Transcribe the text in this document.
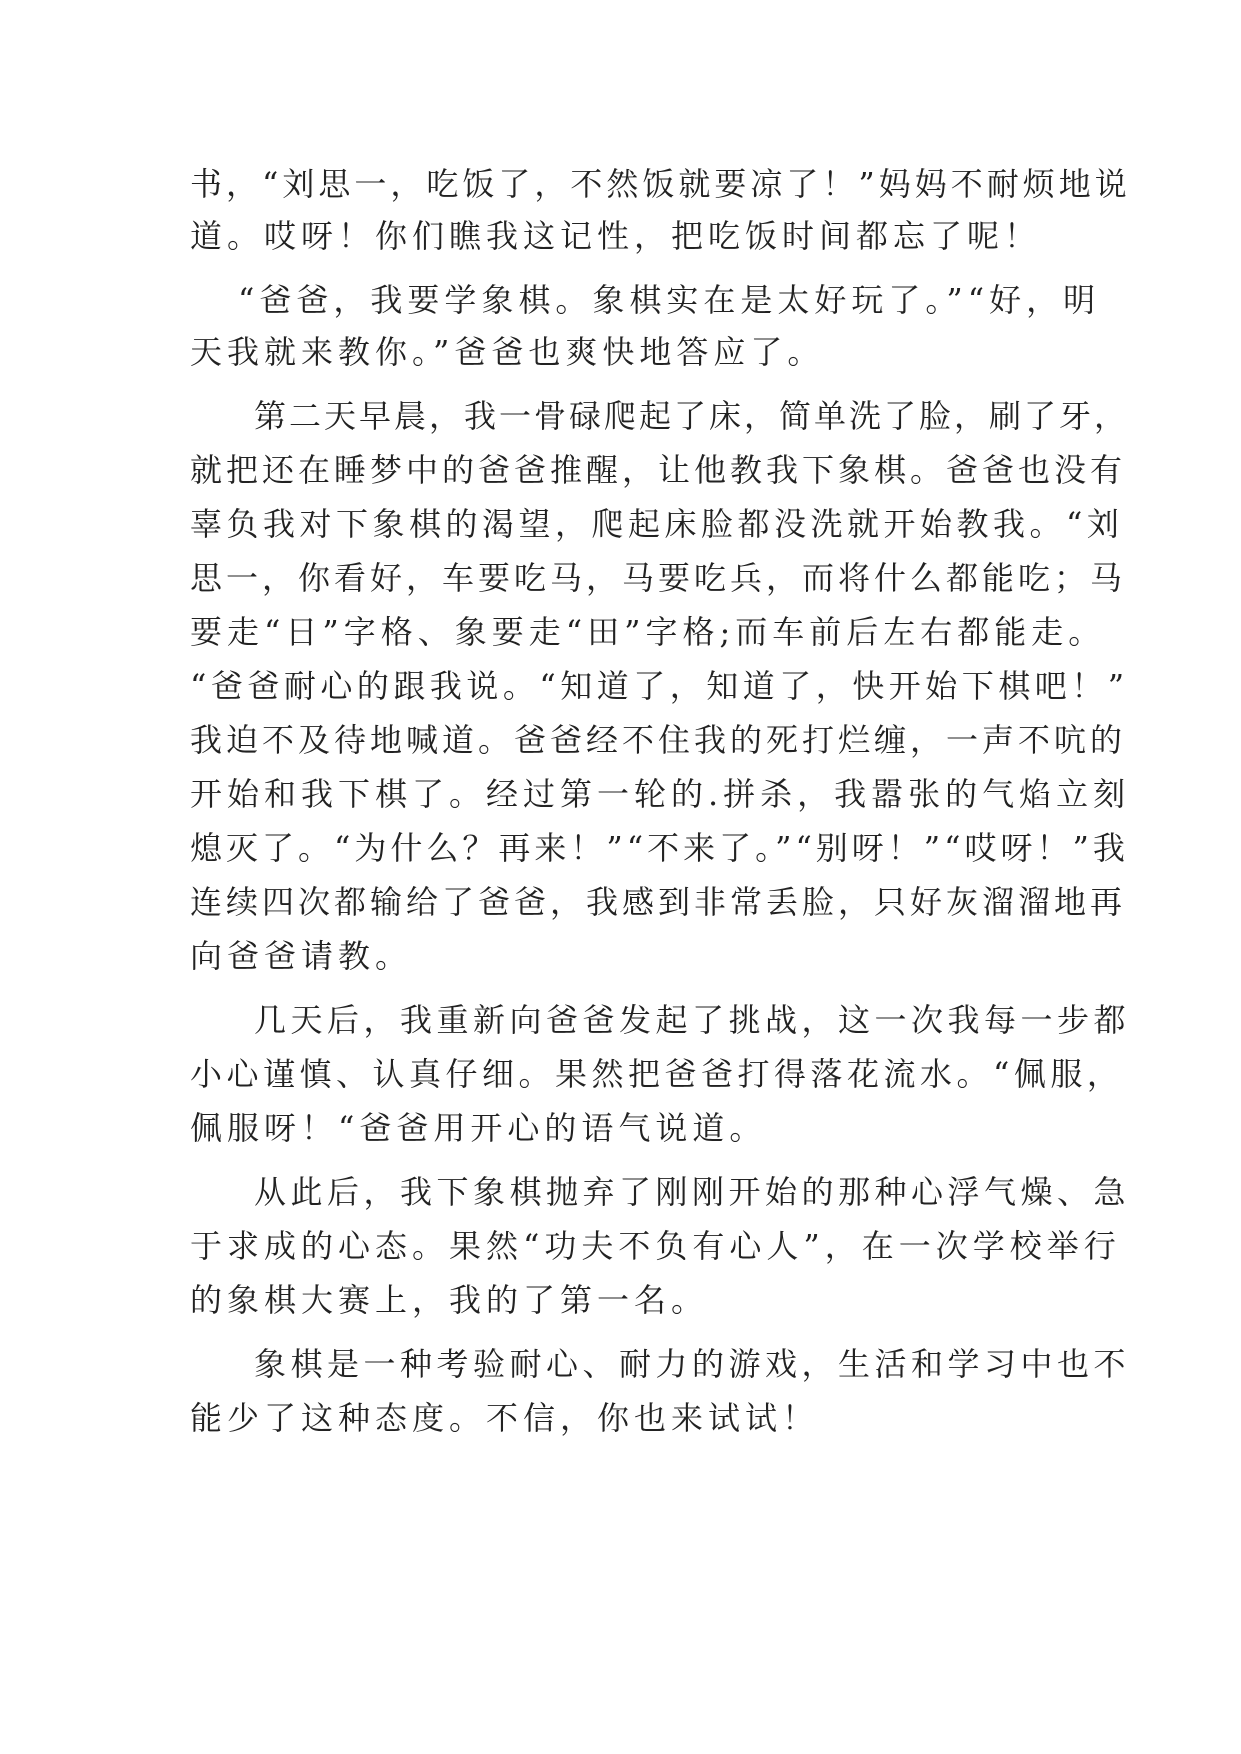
书，“刘思一，吃饭了，不然饭就要凉了！”妈妈不耐烦地说
道。哎呀！你们瞧我这记性，把吃饭时间都忘了呢！
“爸爸，我要学象棋。象棋实在是太好玩了。”“好，明
天我就来教你。”爸爸也爽快地答应了。
第二天早晨，我一骨碌爬起了床，简单洗了脸，刷了牙，
就把还在睡梦中的爸爸推醒，让他教我下象棋。爸爸也没有
辜负我对下象棋的渴望，爬起床脸都没洗就开始教我。“刘
思一，你看好，车要吃马，马要吃兵，而将什么都能吃；马
要走“日”字格、象要走“田”字格;而车前后左右都能走。
“爸爸耐心的跟我说。“知道了，知道了，快开始下棋吧！”
我迫不及待地喊道。爸爸经不住我的死打烂缠，一声不吭的
开始和我下棋了。经过第一轮的.拼杀，我嚣张的气焰立刻
熄灭了。“为什么？再来！”“不来了。”“别呀！”“哎呀！”我
连续四次都输给了爸爸，我感到非常丢脸，只好灰溜溜地再
向爸爸请教。
几天后，我重新向爸爸发起了挑战，这一次我每一步都
小心谨慎、认真仔细。果然把爸爸打得落花流水。“佩服，
佩服呀！“爸爸用开心的语气说道。
从此后，我下象棋抛弃了刚刚开始的那种心浮气燥、急
于求成的心态。果然“功夫不负有心人”，在一次学校举行
的象棋大赛上，我的了第一名。
象棋是一种考验耐心、耐力的游戏，生活和学习中也不
能少了这种态度。不信，你也来试试！
